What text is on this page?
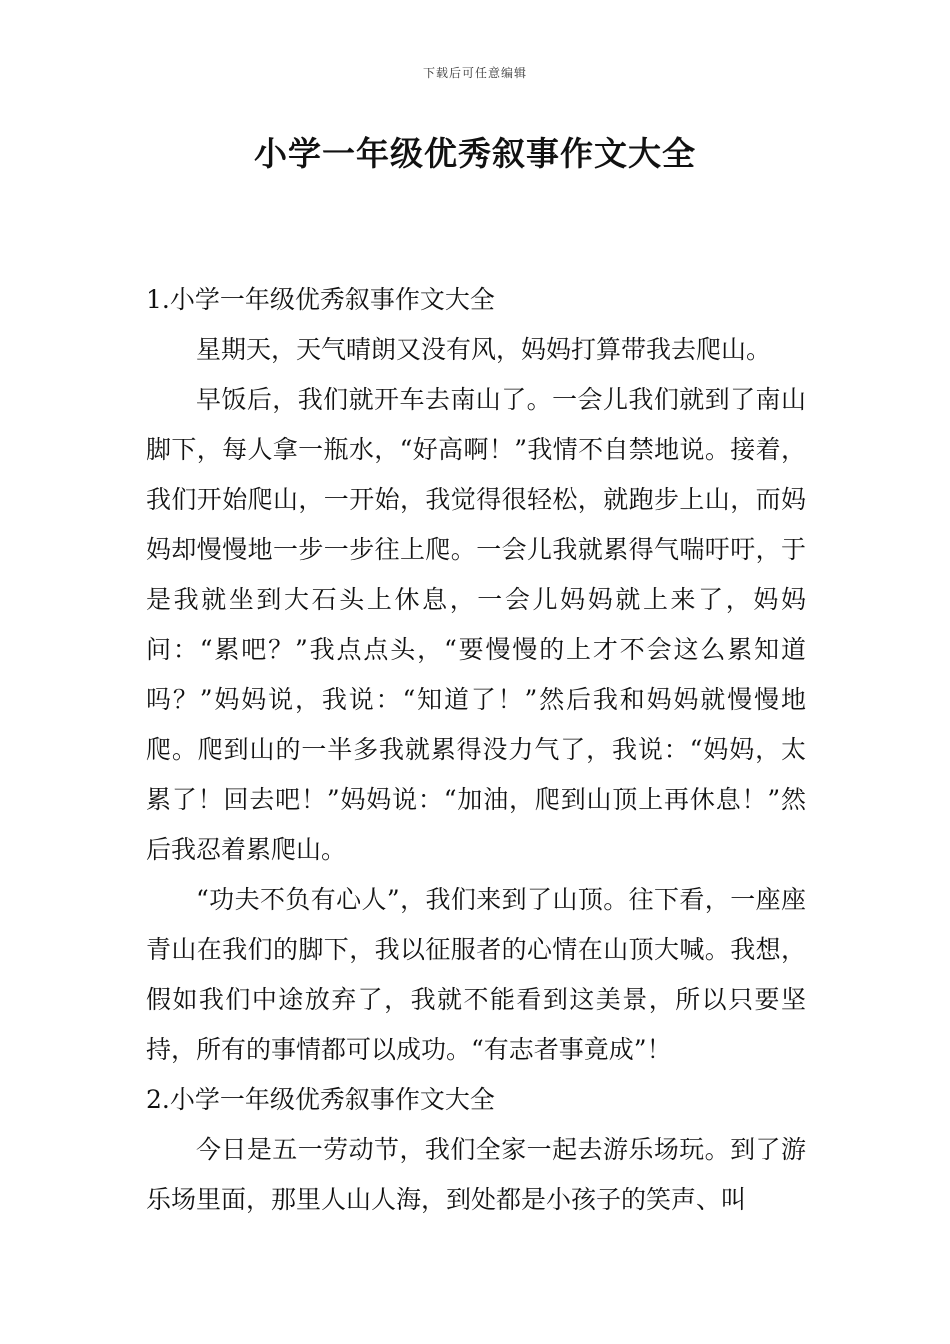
下载后可任意编辑
小学一年级优秀叙事作文大全

1.小学一年级优秀叙事作文大全

星期天，天气晴朗又没有风，妈妈打算带我去爬山。

早饭后，我们就开车去南山了。一会儿我们就到了南山脚下，每人拿一瓶水，“好高啊！”我情不自禁地说。接着，我们开始爬山，一开始，我觉得很轻松，就跑步上山，而妈妈却慢慢地一步一步往上爬。一会儿我就累得气喘吁吁，于是我就坐到大石头上休息，一会儿妈妈就上来了，妈妈问：“累吧？”我点点头，“要慢慢的上才不会这么累知道吗？”妈妈说，我说：“知道了！”然后我和妈妈就慢慢地爬。爬到山的一半多我就累得没力气了，我说：“妈妈，太累了！回去吧！”妈妈说：“加油，爬到山顶上再休息！”然后我忍着累爬山。

“功夫不负有心人”，我们来到了山顶。往下看，一座座青山在我们的脚下，我以征服者的心情在山顶大喊。我想，假如我们中途放弃了，我就不能看到这美景，所以只要坚持，所有的事情都可以成功。“有志者事竟成”！

2.小学一年级优秀叙事作文大全

今日是五一劳动节，我们全家一起去游乐场玩。到了游乐场里面，那里人山人海，到处都是小孩子的笑声、叫
